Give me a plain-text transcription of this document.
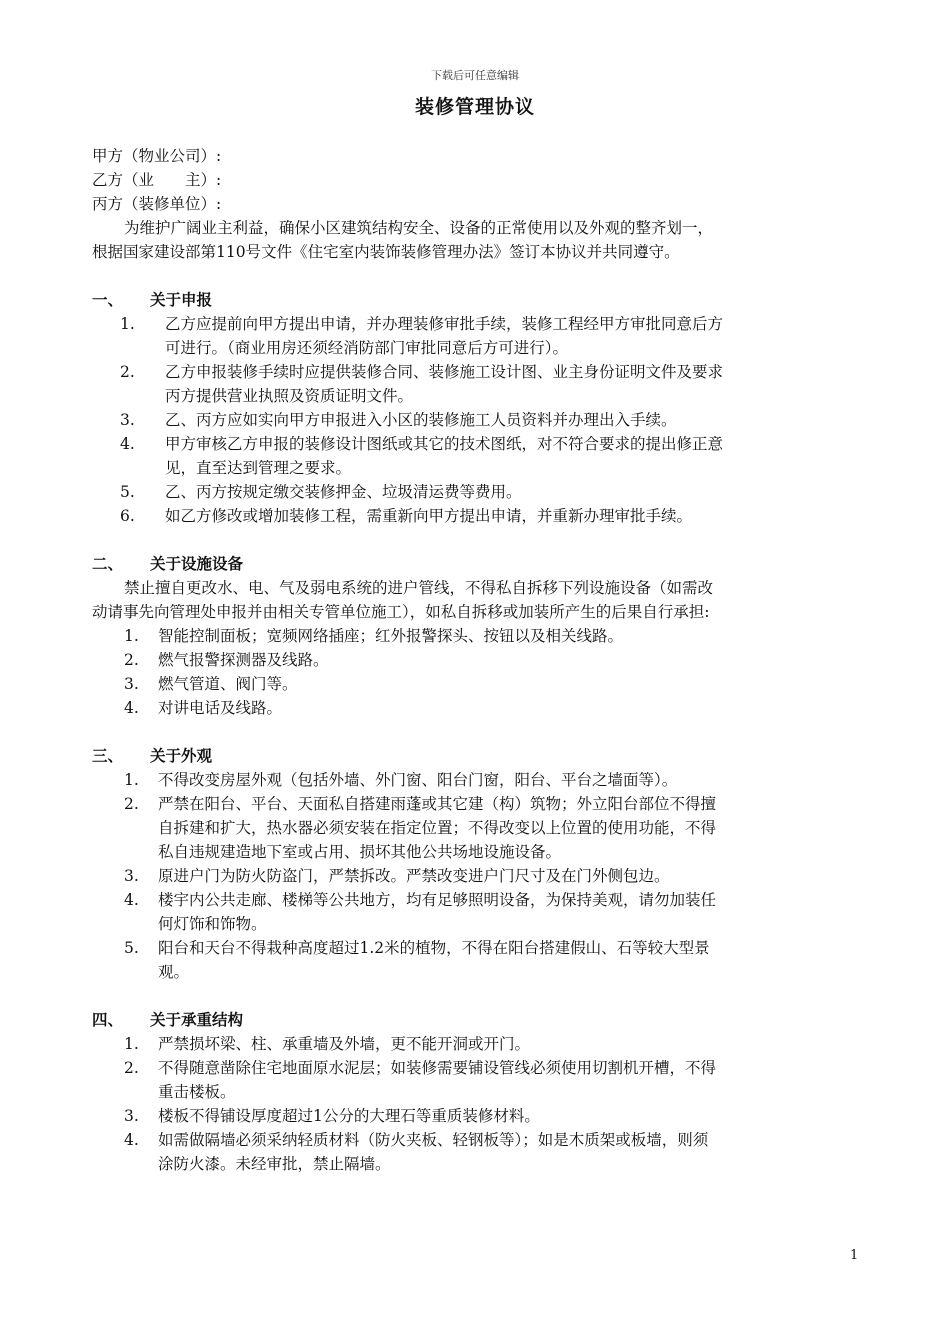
下载后可任意编辑
装修管理协议
甲方（物业公司）:
乙方（业　　主）:
丙方（装修单位）:
为维护广阔业主利益，确保小区建筑结构安全、设备的正常使用以及外观的整齐划一，
根据国家建设部第110号文件《住宅室内装饰装修管理办法》签订本协议并共同遵守。
一、	关于申报
1.	乙方应提前向甲方提出申请，并办理装修审批手续，装修工程经甲方审批同意后方
可进行。（商业用房还须经消防部门审批同意后方可进行）。
2.	乙方申报装修手续时应提供装修合同、装修施工设计图、业主身份证明文件及要求
丙方提供营业执照及资质证明文件。
3.	乙、丙方应如实向甲方申报进入小区的装修施工人员资料并办理出入手续。
4.	甲方审核乙方申报的装修设计图纸或其它的技术图纸，对不符合要求的提出修正意
见，直至达到管理之要求。
5.	乙、丙方按规定缴交装修押金、垃圾清运费等费用。
6.	如乙方修改或增加装修工程，需重新向甲方提出申请，并重新办理审批手续。
二、	关于设施设备
禁止擅自更改水、电、气及弱电系统的进户管线，不得私自拆移下列设施设备（如需改
动请事先向管理处申报并由相关专管单位施工），如私自拆移或加装所产生的后果自行承担:
1.	智能控制面板；宽频网络插座；红外报警探头、按钮以及相关线路。
2.	燃气报警探测器及线路。
3.	燃气管道、阀门等。
4.	对讲电话及线路。
三、	关于外观
1.	不得改变房屋外观（包括外墙、外门窗、阳台门窗，阳台、平台之墙面等）。
2.	严禁在阳台、平台、天面私自搭建雨蓬或其它建（构）筑物；外立阳台部位不得擅
自拆建和扩大，热水器必须安装在指定位置；不得改变以上位置的使用功能，不得
私自违规建造地下室或占用、损坏其他公共场地设施设备。
3.	原进户门为防火防盗门，严禁拆改。严禁改变进户门尺寸及在门外侧包边。
4.	楼宇内公共走廊、楼梯等公共地方，均有足够照明设备，为保持美观，请勿加装任
何灯饰和饰物。
5.	阳台和天台不得栽种高度超过1.2米的植物，不得在阳台搭建假山、石等较大型景
观。
四、	关于承重结构
1.	严禁损坏梁、柱、承重墙及外墙，更不能开洞或开门。
2.	不得随意凿除住宅地面原水泥层；如装修需要铺设管线必须使用切割机开槽，不得
重击楼板。
3.	楼板不得铺设厚度超过1公分的大理石等重质装修材料。
4.	如需做隔墙必须采纳轻质材料（防火夹板、轻钢板等）；如是木质架或板墙，则须
涂防火漆。未经审批，禁止隔墙。
1
